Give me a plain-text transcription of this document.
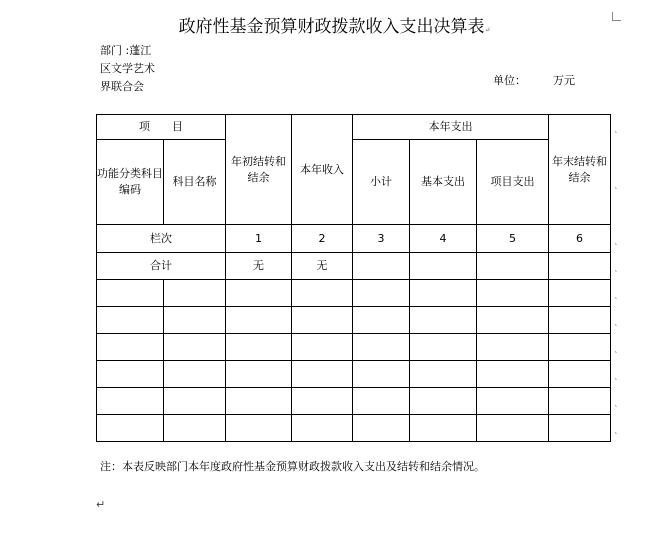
政府性基金预算财政拨款收入支出决算表↵
部门 :蓬江区文学艺术界联合会	单位： 万元
项　　目		年初结转和结余	本年收入	本年支出			年末结转和结余
功能分类科目编码	科目名称			小计	基本支出	项目支出	
栏次		1	2	3	4	5	6
合计		无	无				

˛
˛
˛
˛
˛
˛
˛
˛
˛
˛
注：本表反映部门本年度政府性基金预算财政拨款收入支出及结转和结余情况。
↵
